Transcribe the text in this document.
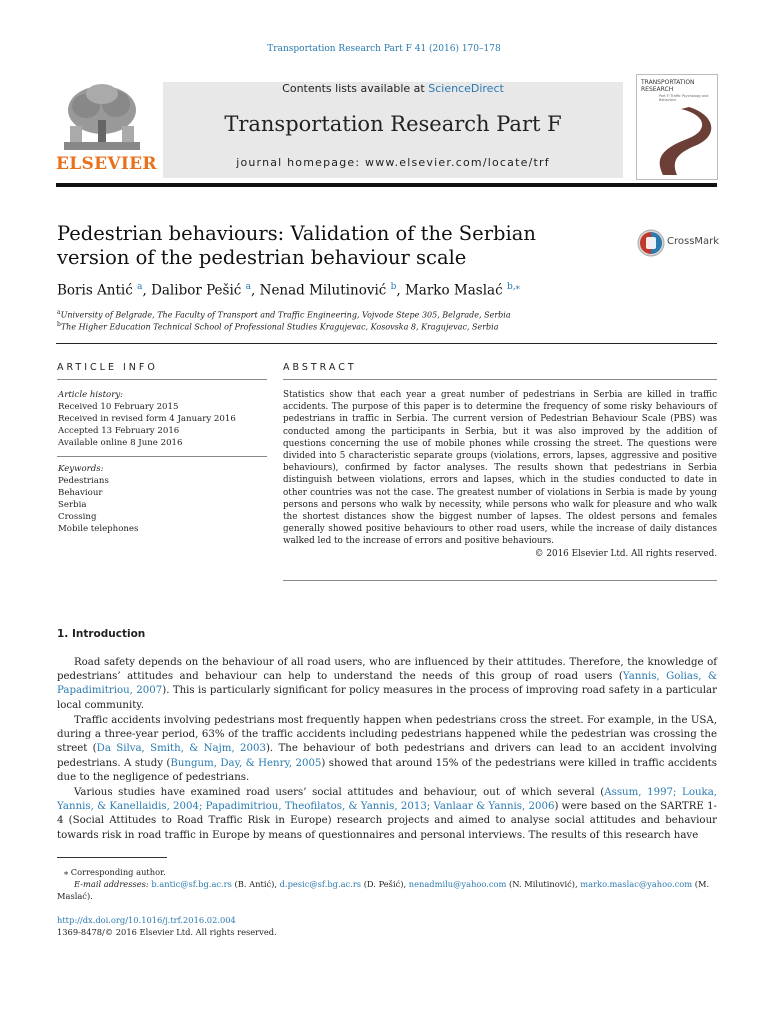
Transportation Research Part F 41 (2016) 170–178
ELSEVIER
Contents lists available at ScienceDirect
Transportation Research Part F
journal homepage: www.elsevier.com/locate/trf
TRANSPORTATION
RESEARCH
Part F: Traffic Psychology and Behaviour
Pedestrian behaviours: Validation of the Serbian version of the pedestrian behaviour scale
CrossMark
Boris Antić $^a$, Dalibor Pešić $^a$, Nenad Milutinović $^b$, Marko Maslać $^{b,⁎}$
$^a$University of Belgrade, The Faculty of Transport and Traffic Engineering, Vojvode Stepe 305, Belgrade, Serbia
$^b$The Higher Education Technical School of Professional Studies Kragujevac, Kosovska 8, Kragujevac, Serbia
ARTICLE INFO	ABSTRACT
Article history:
Received 10 February 2015
Received in revised form 4 January 2016
Accepted 13 February 2016
Available online 8 June 2016
Keywords:
Pedestrians
Behaviour
Serbia
Crossing
Mobile telephones
Statistics show that each year a great number of pedestrians in Serbia are killed in traffic accidents. The purpose of this paper is to determine the frequency of some risky behaviours of pedestrians in traffic in Serbia. The current version of Pedestrian Behaviour Scale (PBS) was conducted among the participants in Serbia, but it was also improved by the addition of questions concerning the use of mobile phones while crossing the street. The questions were divided into 5 characteristic separate groups (violations, errors, lapses, aggressive and positive behaviours), confirmed by factor analyses. The results shown that pedestrians in Serbia distinguish between violations, errors and lapses, which in the studies conducted to date in other countries was not the case. The greatest number of violations in Serbia is made by young persons and persons who walk by necessity, while persons who walk for pleasure and who walk the shortest distances show the biggest number of lapses. The oldest persons and females generally showed positive behaviours to other road users, while the increase of daily distances walked led to the increase of errors and positive behaviours.
© 2016 Elsevier Ltd. All rights reserved.
1. Introduction
Road safety depends on the behaviour of all road users, who are influenced by their attitudes. Therefore, the knowledge of pedestrians’ attitudes and behaviour can help to understand the needs of this group of road users (Yannis, Golias, & Papadimitriou, 2007). This is particularly significant for policy measures in the process of improving road safety in a particular local community.
Traffic accidents involving pedestrians most frequently happen when pedestrians cross the street. For example, in the USA, during a three-year period, 63% of the traffic accidents including pedestrians happened while the pedestrian was crossing the street (Da Silva, Smith, & Najm, 2003). The behaviour of both pedestrians and drivers can lead to an accident involving pedestrians. A study (Bungum, Day, & Henry, 2005) showed that around 15% of the pedestrians were killed in traffic accidents due to the negligence of pedestrians.
Various studies have examined road users’ social attitudes and behaviour, out of which several (Assum, 1997; Louka, Yannis, & Kanellaidis, 2004; Papadimitriou, Theofilatos, & Yannis, 2013; Vanlaar & Yannis, 2006) were based on the SARTRE 1-4 (Social Attitudes to Road Traffic Risk in Europe) research projects and aimed to analyse social attitudes and behaviour towards risk in road traffic in Europe by means of questionnaires and personal interviews. The results of this research have
⁎ Corresponding author.
E-mail addresses: b.antic@sf.bg.ac.rs (B. Antić), d.pesic@sf.bg.ac.rs (D. Pešić), nenadmilu@yahoo.com (N. Milutinović), marko.maslac@yahoo.com (M. Maslać).
http://dx.doi.org/10.1016/j.trf.2016.02.004
1369-8478/© 2016 Elsevier Ltd. All rights reserved.
